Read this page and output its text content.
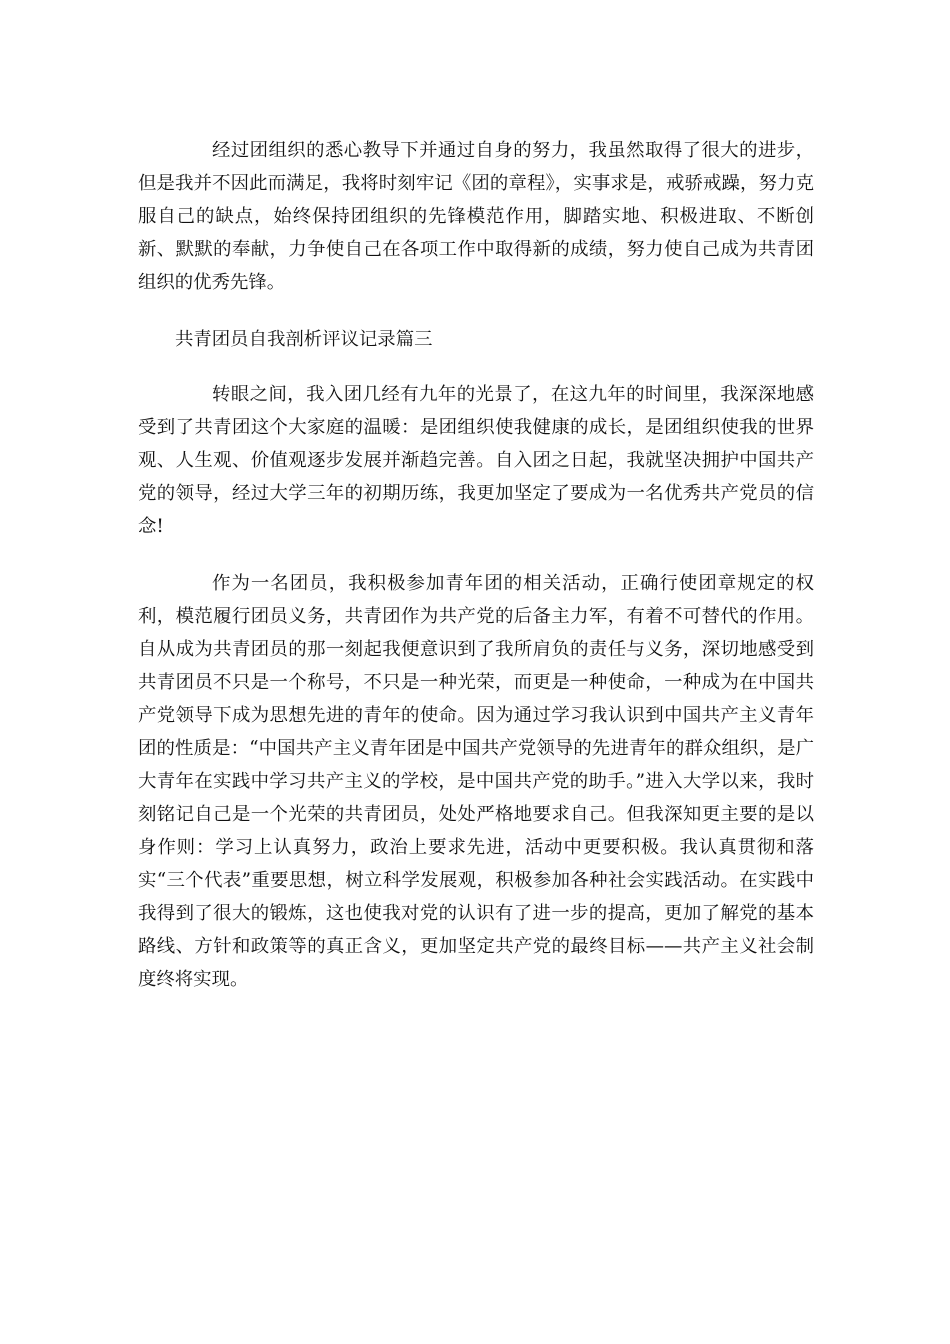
经过团组织的悉心教导下并通过自身的努力，我虽然取得了很大的进步，但是我并不因此而满足，我将时刻牢记《团的章程》，实事求是，戒骄戒躁，努力克服自己的缺点，始终保持团组织的先锋模范作用，脚踏实地、积极进取、不断创新、默默的奉献，力争使自己在各项工作中取得新的成绩，努力使自己成为共青团组织的优秀先锋。

共青团员自我剖析评议记录篇三

转眼之间，我入团几经有九年的光景了，在这九年的时间里，我深深地感受到了共青团这个大家庭的温暖：是团组织使我健康的成长，是团组织使我的世界观、人生观、价值观逐步发展并渐趋完善。自入团之日起，我就坚决拥护中国共产党的领导，经过大学三年的初期历练，我更加坚定了要成为一名优秀共产党员的信念!

作为一名团员，我积极参加青年团的相关活动，正确行使团章规定的权利，模范履行团员义务，共青团作为共产党的后备主力军，有着不可替代的作用。自从成为共青团员的那一刻起我便意识到了我所肩负的责任与义务，深切地感受到共青团员不只是一个称号，不只是一种光荣，而更是一种使命，一种成为在中国共产党领导下成为思想先进的青年的使命。因为通过学习我认识到中国共产主义青年团的性质是：“中国共产主义青年团是中国共产党领导的先进青年的群众组织，是广大青年在实践中学习共产主义的学校，是中国共产党的助手。”进入大学以来，我时刻铭记自己是一个光荣的共青团员，处处严格地要求自己。但我深知更主要的是以身作则：学习上认真努力，政治上要求先进，活动中更要积极。我认真贯彻和落实“三个代表”重要思想，树立科学发展观，积极参加各种社会实践活动。在实践中我得到了很大的锻炼，这也使我对党的认识有了进一步的提高，更加了解党的基本路线、方针和政策等的真正含义，更加坚定共产党的最终目标——共产主义社会制度终将实现。
